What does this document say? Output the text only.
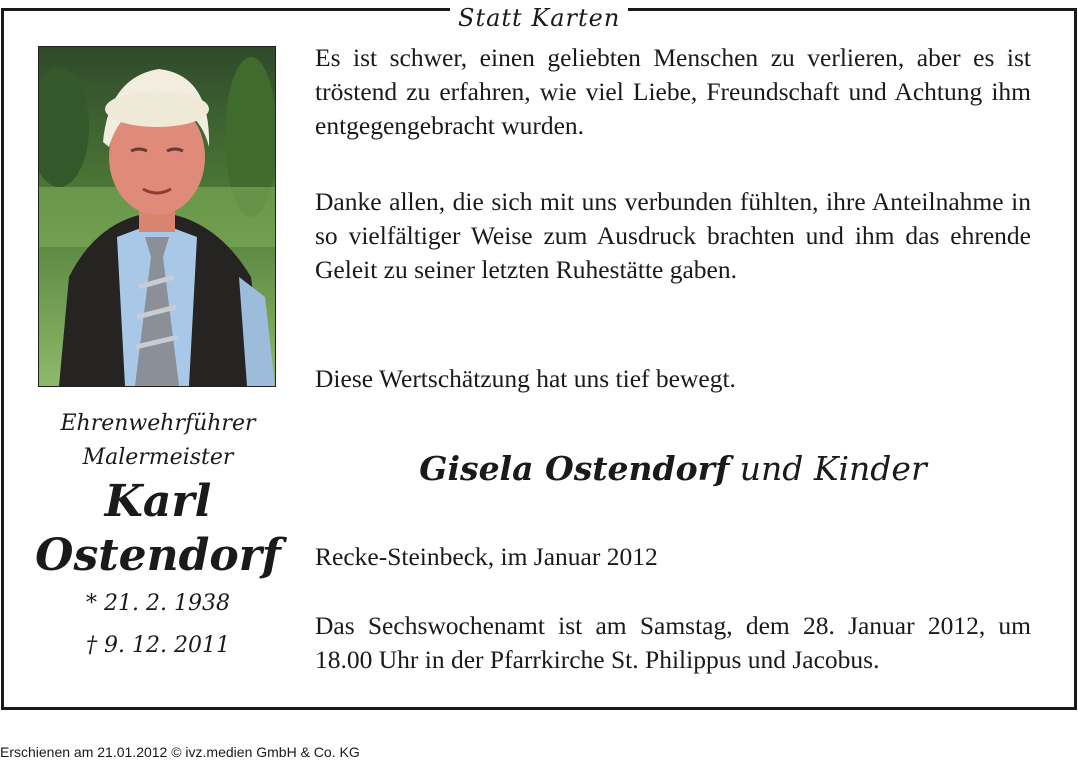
Statt Karten
Ehrenwehrführer
Malermeister
Karl
Ostendorf
* 21. 2. 1938
† 9. 12. 2011

Es ist schwer, einen geliebten Menschen zu verlieren, aber es ist tröstend zu erfahren, wie viel Liebe, Freundschaft und Achtung ihm entgegengebracht wurden.

Danke allen, die sich mit uns verbunden fühlten, ihre Anteilnahme in so vielfältiger Weise zum Ausdruck brachten und ihm das ehrende Geleit zu seiner letzten Ruhestätte gaben.

Diese Wertschätzung hat uns tief bewegt.

Gisela Ostendorf und Kinder

Recke-Steinbeck, im Januar 2012

Das Sechswochenamt ist am Samstag, dem 28. Januar 2012, um 18.00 Uhr in der Pfarrkirche St. Philippus und Jacobus.

Erschienen am 21.01.2012 © ivz.medien GmbH & Co. KG
